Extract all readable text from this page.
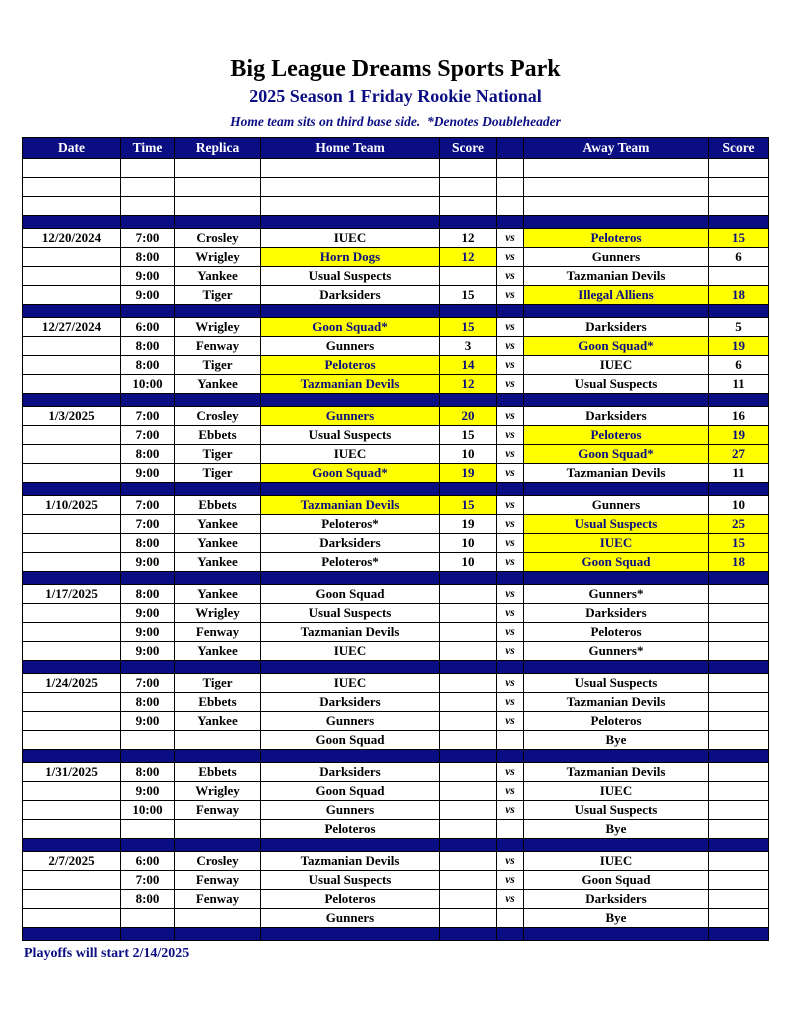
Big League Dreams Sports Park
2025 Season 1 Friday Rookie National
Home team sits on third base side.  *Denotes Doubleheader
Date	Time	Replica	Home Team	Score		Away Team	Score

12/20/2024	7:00	Crosley	IUEC	12	vs	Peloteros	15
	8:00	Wrigley	Horn Dogs	12	vs	Gunners	6
	9:00	Yankee	Usual Suspects		vs	Tazmanian Devils	
	9:00	Tiger	Darksiders	15	vs	Illegal Alliens	18

12/27/2024	6:00	Wrigley	Goon Squad*	15	vs	Darksiders	5
	8:00	Fenway	Gunners	3	vs	Goon Squad*	19
	8:00	Tiger	Peloteros	14	vs	IUEC	6
	10:00	Yankee	Tazmanian Devils	12	vs	Usual Suspects	11

1/3/2025	7:00	Crosley	Gunners	20	vs	Darksiders	16
	7:00	Ebbets	Usual Suspects	15	vs	Peloteros	19
	8:00	Tiger	IUEC	10	vs	Goon Squad*	27
	9:00	Tiger	Goon Squad*	19	vs	Tazmanian Devils	11

1/10/2025	7:00	Ebbets	Tazmanian Devils	15	vs	Gunners	10
	7:00	Yankee	Peloteros*	19	vs	Usual Suspects	25
	8:00	Yankee	Darksiders	10	vs	IUEC	15
	9:00	Yankee	Peloteros*	10	vs	Goon Squad	18

1/17/2025	8:00	Yankee	Goon Squad		vs	Gunners*	
	9:00	Wrigley	Usual Suspects		vs	Darksiders	
	9:00	Fenway	Tazmanian Devils		vs	Peloteros	
	9:00	Yankee	IUEC		vs	Gunners*	

1/24/2025	7:00	Tiger	IUEC		vs	Usual Suspects	
	8:00	Ebbets	Darksiders		vs	Tazmanian Devils	
	9:00	Yankee	Gunners		vs	Peloteros	
			Goon Squad			Bye	

1/31/2025	8:00	Ebbets	Darksiders		vs	Tazmanian Devils	
	9:00	Wrigley	Goon Squad		vs	IUEC	
	10:00	Fenway	Gunners		vs	Usual Suspects	
			Peloteros			Bye	

2/7/2025	6:00	Crosley	Tazmanian Devils		vs	IUEC	
	7:00	Fenway	Usual Suspects		vs	Goon Squad	
	8:00	Fenway	Peloteros		vs	Darksiders	
			Gunners			Bye	

Playoffs will start 2/14/2025
